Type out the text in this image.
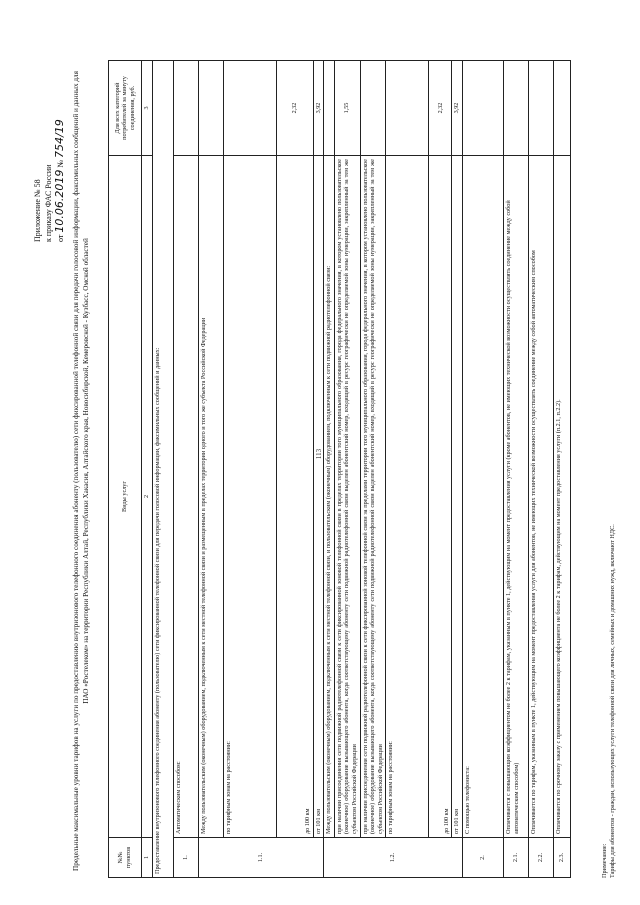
113
Приложение № 58 к приказу ФАС России от 10.06.2019 № 754/19 Предельные максимальные уровни тарифов на услуги по предоставлению внутризонового телефонного соединения абоненту (пользователю) сети фиксированной телефонной связи для передачи голосовой информации, факсимильных сообщений и данных для ПАО «Ростелеком» на территории Республики Алтай, Республики Хакасия, Алтайского края, Новосибирской, Кемеровской - Кузбасс, Омской областей
№№ пунктов	Виды услуг	Для всех категорий потребителей за минуту соединения, руб.
1	2	3
Предоставление внутризонового телефонного соединения абоненту (пользователю) сети фиксированной телефонной связи для передачи голосовой информации, факсимильных сообщений и данных:		
1.	Автоматическим способом:	
1.1.	Между пользовательским (оконечным) оборудованием, подключенным к сети местной телефонной связи и размещенным в пределах территории одного и того же субъекта Российской Федерации	
	по тарифным зонам на расстоянии:	
	до 100 км	2,32
	от 101 км	3,92
1.2.	Между пользовательским (оконечным) оборудованием, подключенным к сети местной телефонной связи, и пользовательским (оконечным) оборудованием, подключенным к сети подвижной радиотелефонной связи:	
	при наличии присоединения сети подвижной радиотелефонной связи к сети фиксированной зоновой телефонной связи в пределах территории того муниципального образования, города федерального значения, в котором установлено пользовательское (оконечное) оборудование вызывающего абонента, когда соответствующему абоненту сети подвижной радиотелефонной связи выделен абонентский номер, входящий в ресурс географически не определяемой зоны нумерации, закрепленный за тем же субъектом Российской Федерации	1,55
	при наличии присоединения сети подвижной радиотелефонной связи к сети фиксированной зоновой телефонной связи за пределами территории того муниципального образования, города федерального значения, в котором установлено пользовательское (оконечное) оборудование вызывающего абонента, когда соответствующему абоненту сети подвижной радиотелефонной связи выделен абонентский номер, входящий в ресурс географически не определяемой зоны нумерации, закрепленный за тем же субъектом Российской Федерации	
	по тарифным зонам на расстоянии:	
	до 100 км	2,32
	от 101 км	3,92
2.	С помощью телефониста:	
2.1.	Оплачивается с повышающим коэффициентом не более 2 к тарифам, указанным в пункте 1, действующим на момент предоставления услуги (кроме абонентов, не имеющих технической возможности осуществлять соединение между собой автоматическим способом)	
2.2.	Оплачивается по тарифам, указанным в пункте 1, действующим на момент предоставления услуги для абонентов, не имеющих технической возможности осуществлять соединение между собой автоматическим способом	
2.3.	Оплачивается по срочному заказу с применением повышающего коэффициента не более 2 к тарифам, действующим на момент предоставления услуги (п.2.1, п.2.2).	
Примечание: Тарифы для абонентов - граждан, использующих услуги телефонной связи для личных, семейных и домашних нужд, включают НДС.
